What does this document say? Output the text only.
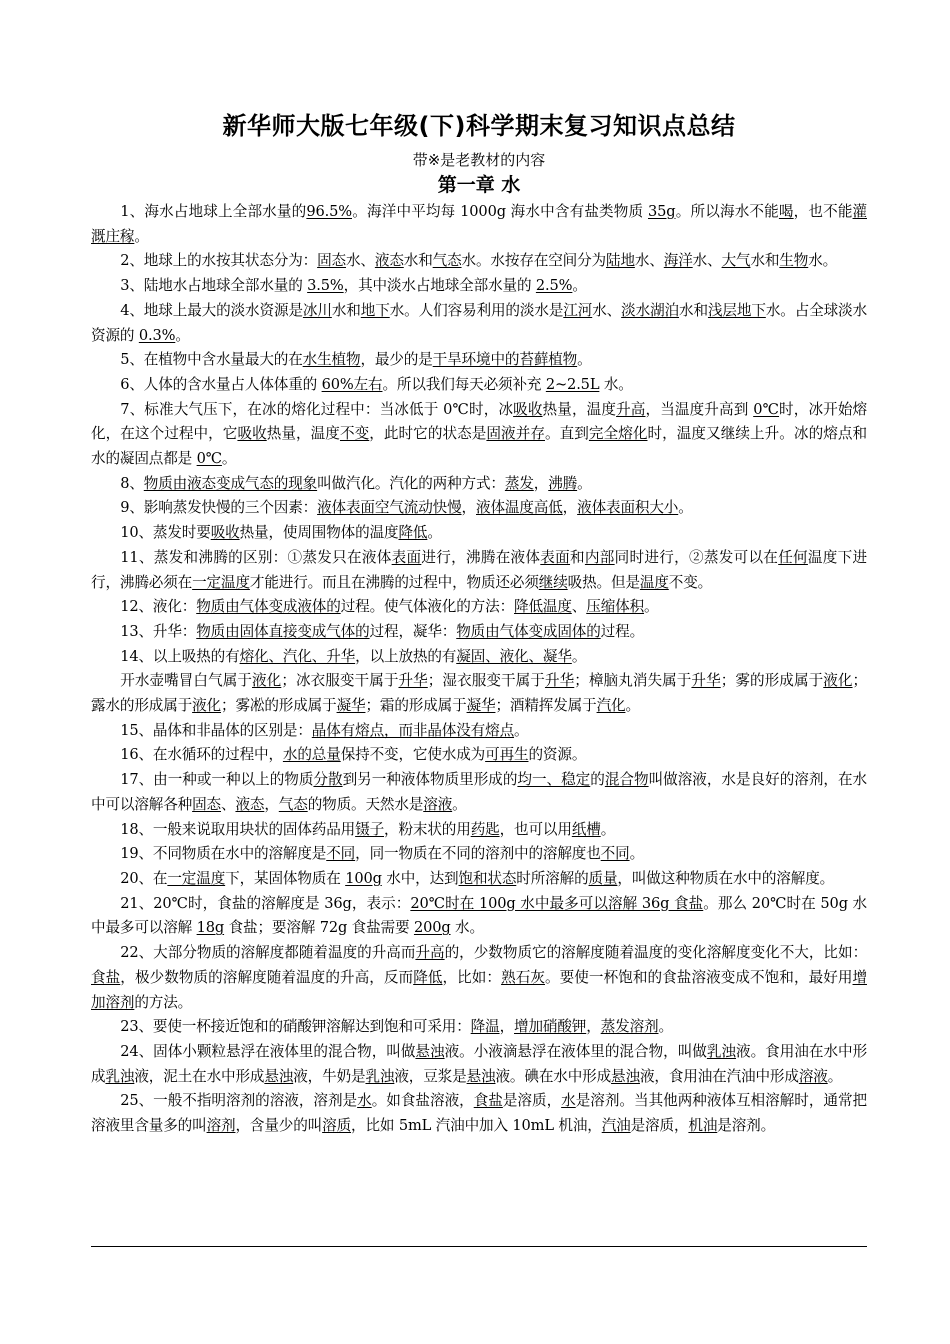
新华师大版七年级(下)科学期末复习知识点总结
带※是老教材的内容
第一章 水

1、海水占地球上全部水量的96.5%。海洋中平均每 1000g 海水中含有盐类物质 35g。所以海水不能喝，也不能灌溉庄稼。

2、地球上的水按其状态分为：固态水、液态水和气态水。水按存在空间分为陆地水、海洋水、大气水和生物水。

3、陆地水占地球全部水量的 3.5%，其中淡水占地球全部水量的 2.5%。

4、地球上最大的淡水资源是冰川水和地下水。人们容易利用的淡水是江河水、淡水湖泊水和浅层地下水。占全球淡水资源的 0.3%。

5、在植物中含水量最大的在水生植物，最少的是干旱环境中的苔藓植物。

6、人体的含水量占人体体重的 60%左右。所以我们每天必须补充 2~2.5L 水。

7、标准大气压下，在冰的熔化过程中：当冰低于 0℃时，冰吸收热量，温度升高，当温度升高到 0℃时，冰开始熔化，在这个过程中，它吸收热量，温度不变，此时它的状态是固液并存。直到完全熔化时，温度又继续上升。冰的熔点和水的凝固点都是 0℃。

8、物质由液态变成气态的现象叫做汽化。汽化的两种方式：蒸发，沸腾。

9、影响蒸发快慢的三个因素：液体表面空气流动快慢，液体温度高低，液体表面积大小。

10、蒸发时要吸收热量，使周围物体的温度降低。

11、蒸发和沸腾的区别：①蒸发只在液体表面进行，沸腾在液体表面和内部同时进行，②蒸发可以在任何温度下进行，沸腾必须在一定温度才能进行。而且在沸腾的过程中，物质还必须继续吸热。但是温度不变。

12、液化：物质由气体变成液体的过程。使气体液化的方法：降低温度、压缩体积。

13、升华：物质由固体直接变成气体的过程，凝华：物质由气体变成固体的过程。

14、以上吸热的有熔化、汽化、升华，以上放热的有凝固、液化、凝华。

开水壶嘴冒白气属于液化；冰衣服变干属于升华；湿衣服变干属于升华；樟脑丸消失属于升华；雾的形成属于液化；露水的形成属于液化；雾凇的形成属于凝华；霜的形成属于凝华；酒精挥发属于汽化。

15、晶体和非晶体的区别是：晶体有熔点，而非晶体没有熔点。

16、在水循环的过程中，水的总量保持不变，它使水成为可再生的资源。

17、由一种或一种以上的物质分散到另一种液体物质里形成的均一、稳定的混合物叫做溶液，水是良好的溶剂，在水中可以溶解各种固态、液态，气态的物质。天然水是溶液。

18、一般来说取用块状的固体药品用镊子，粉末状的用药匙，也可以用纸槽。

19、不同物质在水中的溶解度是不同，同一物质在不同的溶剂中的溶解度也不同。

20、在一定温度下，某固体物质在 100g 水中，达到饱和状态时所溶解的质量，叫做这种物质在水中的溶解度。

21、20℃时，食盐的溶解度是 36g，表示：20℃时在 100g 水中最多可以溶解 36g 食盐。那么 20℃时在 50g 水中最多可以溶解 18g 食盐；要溶解 72g 食盐需要 200g 水。

22、大部分物质的溶解度都随着温度的升高而升高的，少数物质它的溶解度随着温度的变化溶解度变化不大，比如：食盐，极少数物质的溶解度随着温度的升高，反而降低，比如：熟石灰。要使一杯饱和的食盐溶液变成不饱和，最好用增加溶剂的方法。

23、要使一杯接近饱和的硝酸钾溶解达到饱和可采用：降温，增加硝酸钾，蒸发溶剂。

24、固体小颗粒悬浮在液体里的混合物，叫做悬浊液。小液滴悬浮在液体里的混合物，叫做乳浊液。食用油在水中形成乳浊液，泥土在水中形成悬浊液，牛奶是乳浊液，豆浆是悬浊液。碘在水中形成悬浊液，食用油在汽油中形成溶液。

25、一般不指明溶剂的溶液，溶剂是水。如食盐溶液，食盐是溶质，水是溶剂。当其他两种液体互相溶解时，通常把溶液里含量多的叫溶剂，含量少的叫溶质，比如 5mL 汽油中加入 10mL 机油，汽油是溶质，机油是溶剂。
